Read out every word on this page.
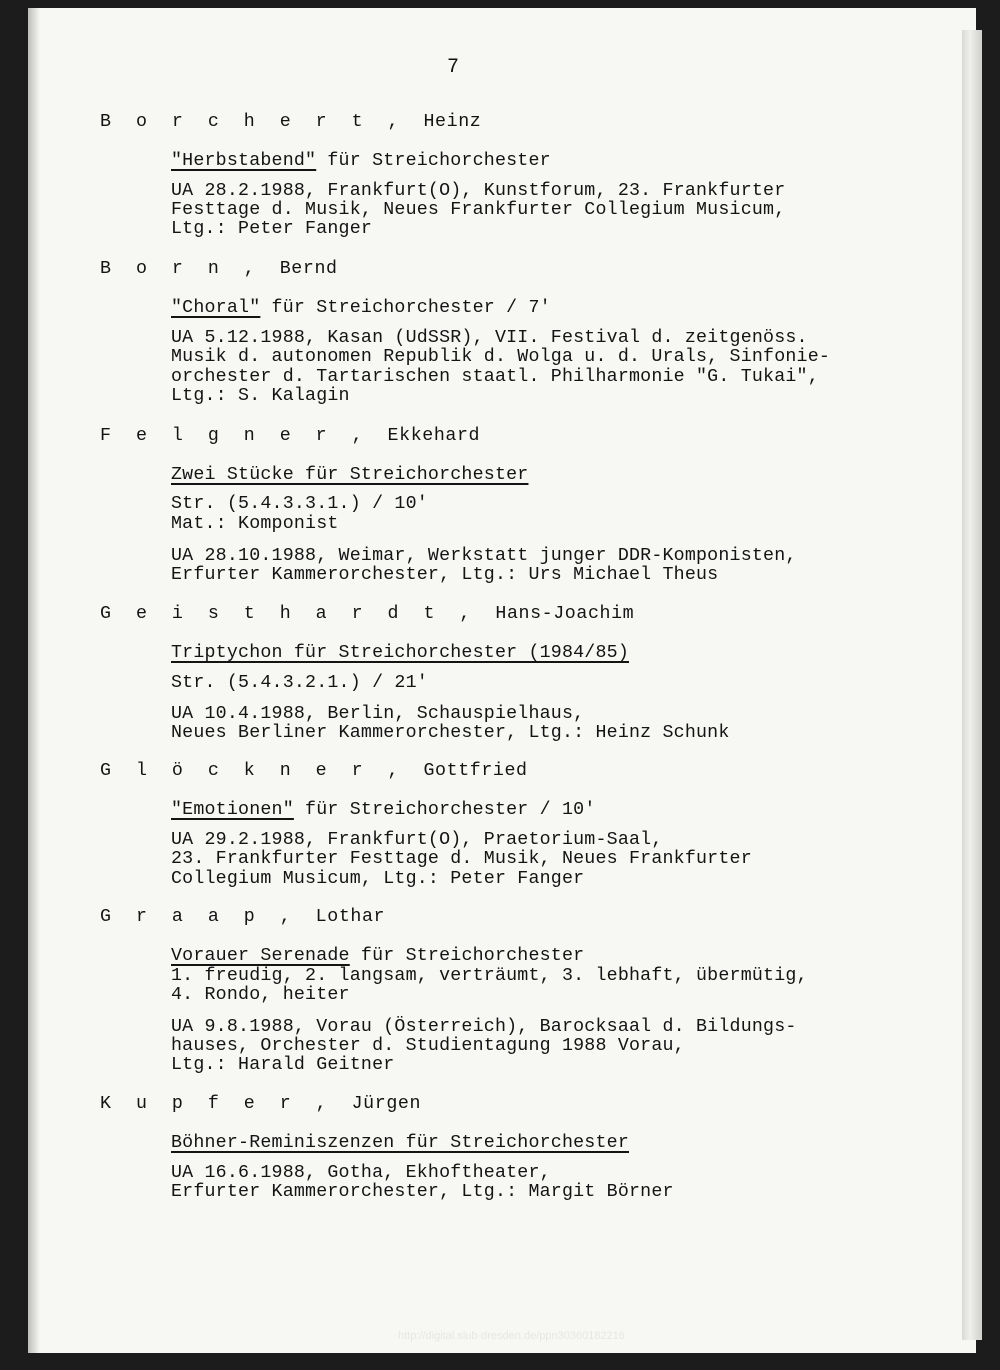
7
B o r c h e r t , Heinz
"Herbstabend" für Streichorchester
UA 28.2.1988, Frankfurt(O), Kunstforum, 23. Frankfurter
Festtage d. Musik, Neues Frankfurter Collegium Musicum,
Ltg.: Peter Fanger
B o r n , Bernd
"Choral" für Streichorchester / 7'
UA 5.12.1988, Kasan (UdSSR), VII. Festival d. zeitgenöss.
Musik d. autonomen Republik d. Wolga u. d. Urals, Sinfonie-
orchester d. Tartarischen staatl. Philharmonie "G. Tukai",
Ltg.: S. Kalagin
F e l g n e r , Ekkehard
Zwei Stücke für Streichorchester
Str. (5.4.3.3.1.) / 10'
Mat.: Komponist
UA 28.10.1988, Weimar, Werkstatt junger DDR-Komponisten,
Erfurter Kammerorchester, Ltg.: Urs Michael Theus
G e i s t h a r d t , Hans-Joachim
Triptychon für Streichorchester (1984/85)
Str. (5.4.3.2.1.) / 21'
UA 10.4.1988, Berlin, Schauspielhaus,
Neues Berliner Kammerorchester, Ltg.: Heinz Schunk
G l ö c k n e r , Gottfried
"Emotionen" für Streichorchester / 10'
UA 29.2.1988, Frankfurt(O), Praetorium-Saal,
23. Frankfurter Festtage d. Musik, Neues Frankfurter
Collegium Musicum, Ltg.: Peter Fanger
G r a a p , Lothar
Vorauer Serenade für Streichorchester
1. freudig, 2. langsam, verträumt, 3. lebhaft, übermütig,
4. Rondo, heiter
UA 9.8.1988, Vorau (Österreich), Barocksaal d. Bildungs-
hauses, Orchester d. Studientagung 1988 Vorau,
Ltg.: Harald Geitner
K u p f e r , Jürgen
Böhner-Reminiszenzen für Streichorchester
UA 16.6.1988, Gotha, Ekhoftheater,
Erfurter Kammerorchester, Ltg.: Margit Börner
http://digital.slub-dresden.de/ppn30360182216
